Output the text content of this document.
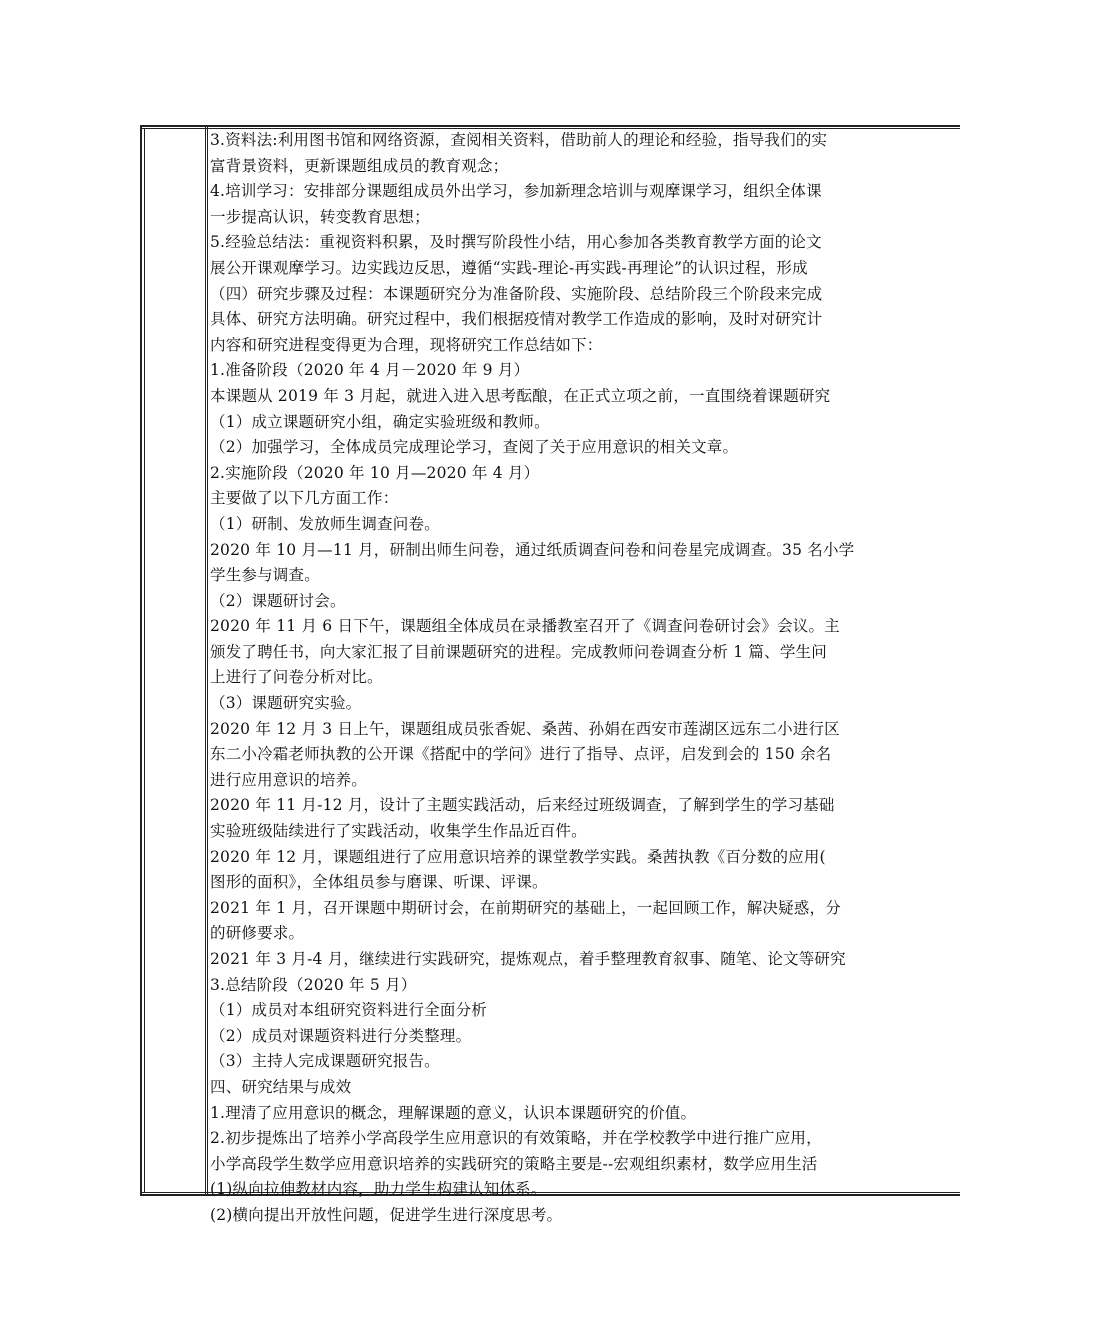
3.资料法:利用图书馆和网络资源，查阅相关资料，借助前人的理论和经验，指导我们的实
富背景资料，更新课题组成员的教育观念；
4.培训学习：安排部分课题组成员外出学习，参加新理念培训与观摩课学习，组织全体课
一步提高认识，转变教育思想；
5.经验总结法：重视资料积累，及时撰写阶段性小结，用心参加各类教育教学方面的论文
展公开课观摩学习。边实践边反思，遵循“实践-理论-再实践-再理论”的认识过程，形成
（四）研究步骤及过程：本课题研究分为准备阶段、实施阶段、总结阶段三个阶段来完成
具体、研究方法明确。研究过程中，我们根据疫情对教学工作造成的影响，及时对研究计
内容和研究进程变得更为合理，现将研究工作总结如下：
1.准备阶段（2020 年 4 月－2020 年 9 月）
本课题从 2019 年 3 月起，就进入进入思考酝酿，在正式立项之前，一直围绕着课题研究
（1）成立课题研究小组，确定实验班级和教师。
（2）加强学习，全体成员完成理论学习，查阅了关于应用意识的相关文章。
2.实施阶段（2020 年 10 月—2020 年 4 月）
主要做了以下几方面工作：
（1）研制、发放师生调查问卷。
2020 年 10 月—11 月，研制出师生问卷，通过纸质调查问卷和问卷星完成调查。35 名小学
学生参与调查。
（2）课题研讨会。
2020 年 11 月 6 日下午，课题组全体成员在录播教室召开了《调查问卷研讨会》会议。主
颁发了聘任书，向大家汇报了目前课题研究的进程。完成教师问卷调查分析 1 篇、学生问
上进行了问卷分析对比。
（3）课题研究实验。
2020 年 12 月 3 日上午，课题组成员张香妮、桑茜、孙娟在西安市莲湖区远东二小进行区
东二小冷霜老师执教的公开课《搭配中的学问》进行了指导、点评，启发到会的 150 余名
进行应用意识的培养。
2020 年 11 月-12 月，设计了主题实践活动，后来经过班级调查，了解到学生的学习基础
实验班级陆续进行了实践活动，收集学生作品近百件。
2020 年 12 月，课题组进行了应用意识培养的课堂教学实践。桑茜执教《百分数的应用(
图形的面积》，全体组员参与磨课、听课、评课。
2021 年 1 月，召开课题中期研讨会，在前期研究的基础上，一起回顾工作，解决疑惑，分
的研修要求。
2021 年 3 月-4 月，继续进行实践研究，提炼观点，着手整理教育叙事、随笔、论文等研究
3.总结阶段（2020 年 5 月）
（1）成员对本组研究资料进行全面分析
（2）成员对课题资料进行分类整理。
（3）主持人完成课题研究报告。
四、研究结果与成效
1.理清了应用意识的概念，理解课题的意义，认识本课题研究的价值。
2.初步提炼出了培养小学高段学生应用意识的有效策略，并在学校教学中进行推广应用，
小学高段学生数学应用意识培养的实践研究的策略主要是--宏观组织素材，数学应用生活
(1)纵向拉伸教材内容，助力学生构建认知体系。
(2)横向提出开放性问题，促进学生进行深度思考。
